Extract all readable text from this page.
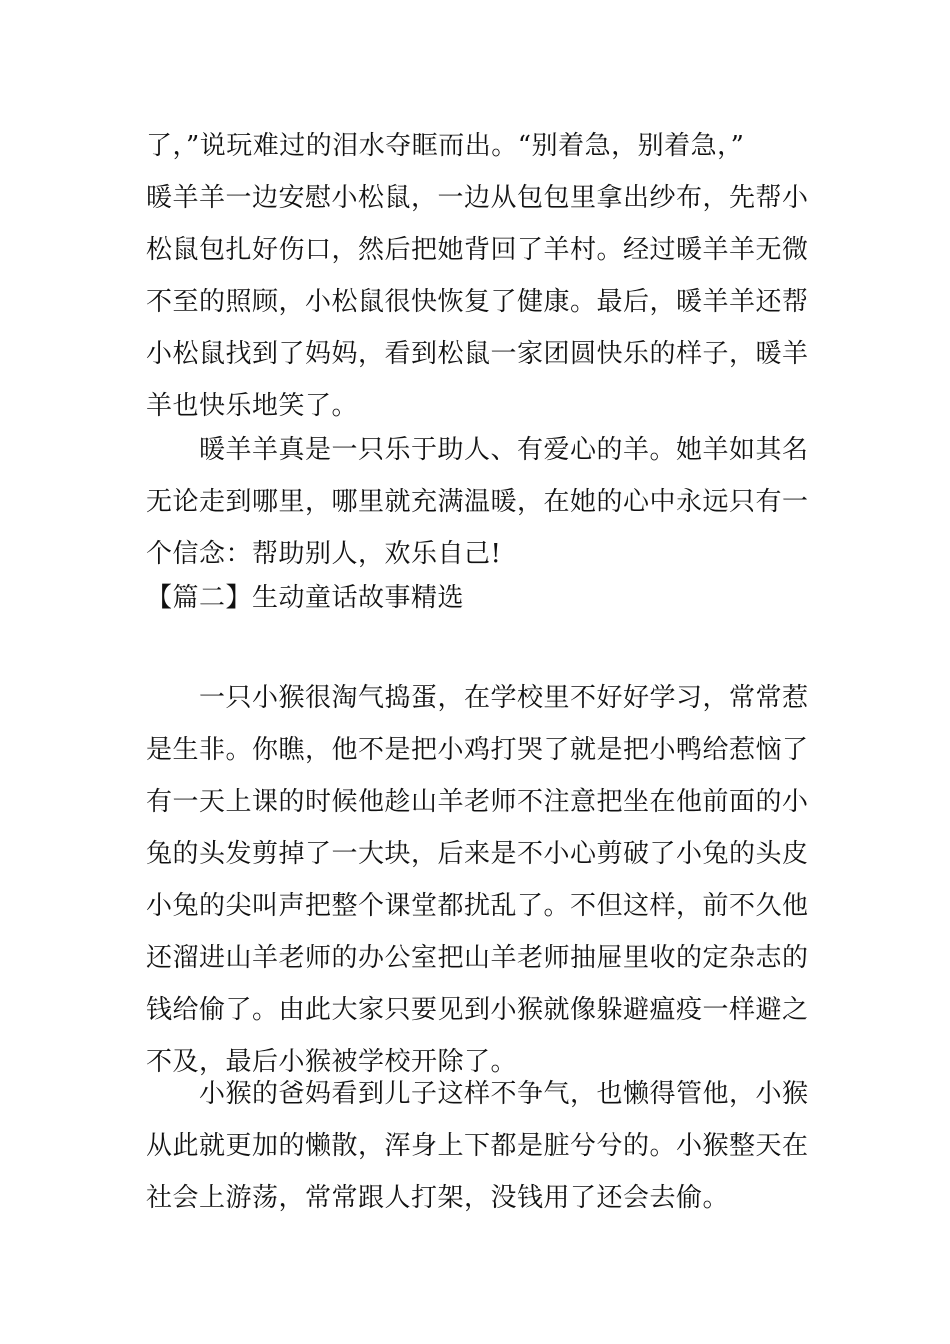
了，”说玩难过的泪水夺眶而出。“别着急，别着急，”
暖羊羊一边安慰小松鼠，一边从包包里拿出纱布，先帮小
松鼠包扎好伤口，然后把她背回了羊村。经过暖羊羊无微
不至的照顾，小松鼠很快恢复了健康。最后，暖羊羊还帮
小松鼠找到了妈妈，看到松鼠一家团圆快乐的样子，暖羊
羊也快乐地笑了。
　　暖羊羊真是一只乐于助人、有爱心的羊。她羊如其名
无论走到哪里，哪里就充满温暖，在她的心中永远只有一
个信念：帮助别人，欢乐自己!
【篇二】生动童话故事精选
　　一只小猴很淘气捣蛋，在学校里不好好学习，常常惹
是生非。你瞧，他不是把小鸡打哭了就是把小鸭给惹恼了
有一天上课的时候他趁山羊老师不注意把坐在他前面的小
兔的头发剪掉了一大块，后来是不小心剪破了小兔的头皮
小兔的尖叫声把整个课堂都扰乱了。不但这样，前不久他
还溜进山羊老师的办公室把山羊老师抽屉里收的定杂志的
钱给偷了。由此大家只要见到小猴就像躲避瘟疫一样避之
不及，最后小猴被学校开除了。
　　小猴的爸妈看到儿子这样不争气，也懒得管他，小猴
从此就更加的懒散，浑身上下都是脏兮兮的。小猴整天在
社会上游荡，常常跟人打架，没钱用了还会去偷。
